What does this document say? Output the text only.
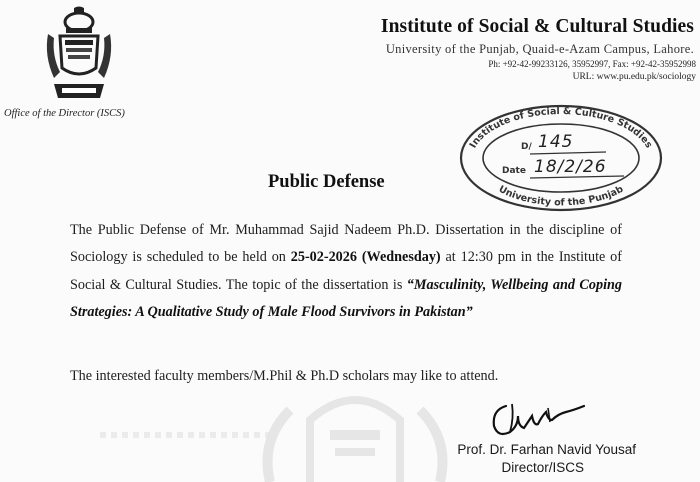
Office of the Director (ISCS)
Institute of Social & Cultural Studies
University of the Punjab, Quaid-e-Azam Campus, Lahore.
Ph: +92-42-99233126, 35952997, Fax: +92-42-35952998
URL: www.pu.edu.pk/sociology
Institute of Social & Culture Studies
University of the Punjab
D/ 145
Date 18/2/26
Public Defense
The Public Defense of Mr. Muhammad Sajid Nadeem Ph.D. Dissertation in the discipline of Sociology is scheduled to be held on 25-02-2026 (Wednesday) at 12:30 pm in the Institute of Social & Cultural Studies. The topic of the dissertation is “Masculinity, Wellbeing and Coping Strategies: A Qualitative Study of Male Flood Survivors in Pakistan”
The interested faculty members/M.Phil & Ph.D scholars may like to attend.
Prof. Dr. Farhan Navid Yousaf
Director/ISCS
